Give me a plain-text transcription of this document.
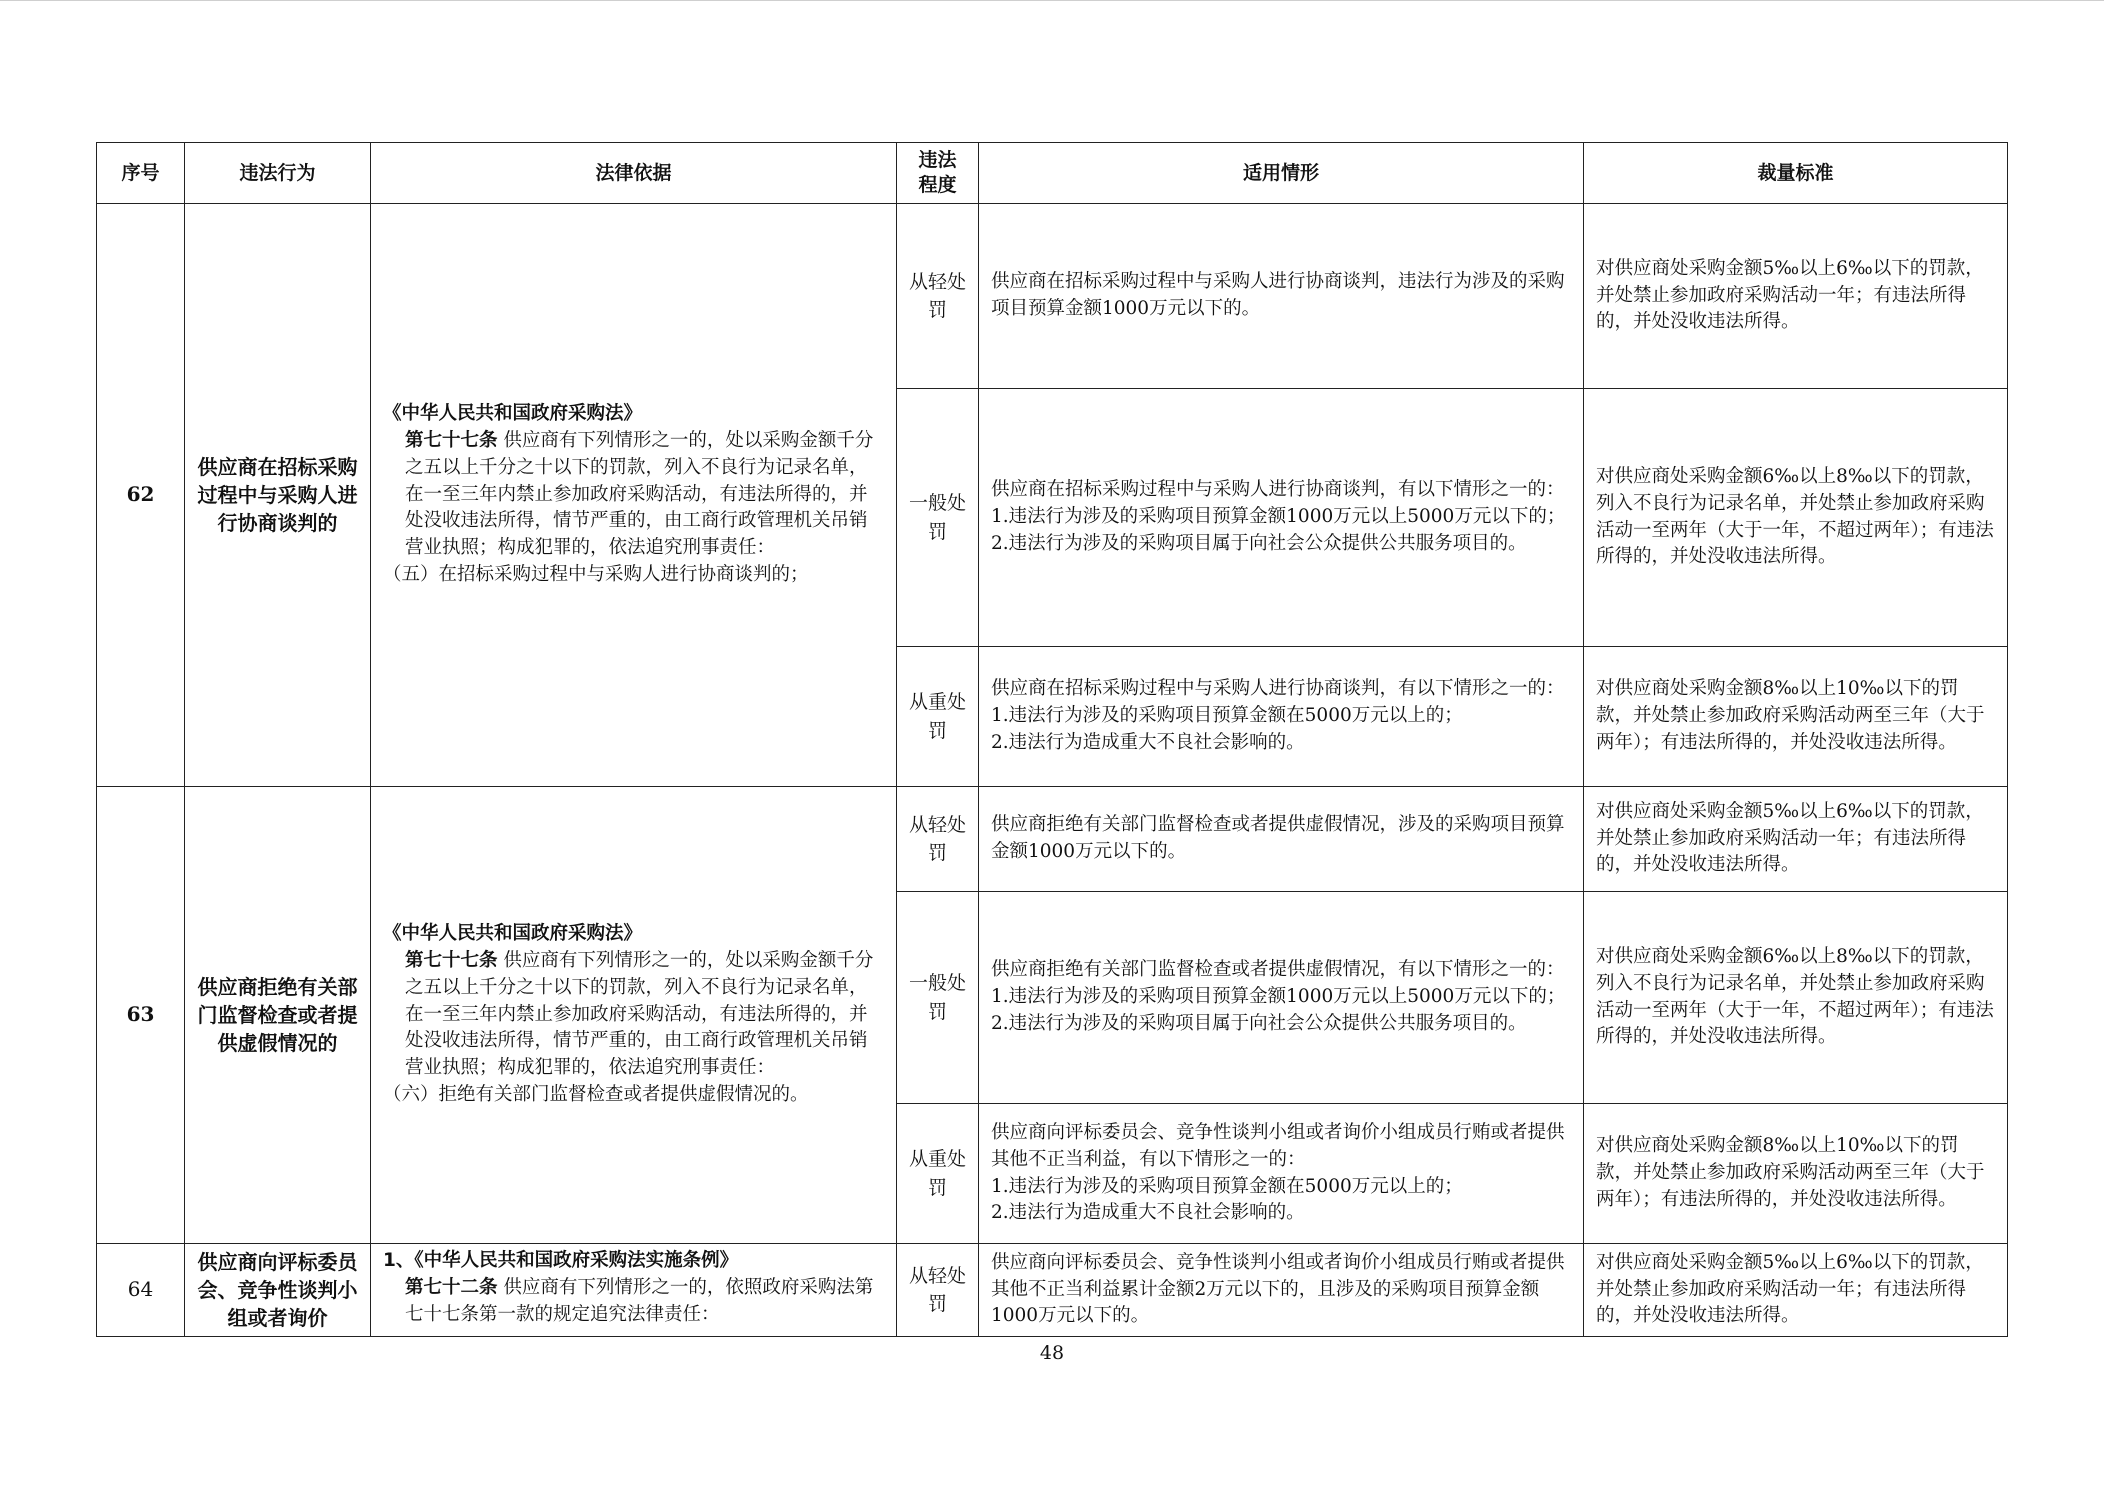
序号	违法行为	法律依据	违法程度	适用情形	裁量标准
62	供应商在招标采购过程中与采购人进行协商谈判的	《中华人民共和国政府采购法》

第七十七条 供应商有下列情形之一的，处以采购金额千分之五以上千分之十以下的罚款，列入不良行为记录名单，在一至三年内禁止参加政府采购活动，有违法所得的，并处没收违法所得，情节严重的，由工商行政管理机关吊销营业执照；构成犯罪的，依法追究刑事责任：

（五）在招标采购过程中与采购人进行协商谈判的；	从轻处罚	供应商在招标采购过程中与采购人进行协商谈判，违法行为涉及的采购项目预算金额1000万元以下的。	对供应商处采购金额5‰以上6‰以下的罚款，并处禁止参加政府采购活动一年；有违法所得的，并处没收违法所得。
			一般处罚	供应商在招标采购过程中与采购人进行协商谈判，有以下情形之一的：
1.违法行为涉及的采购项目预算金额1000万元以上5000万元以下的；
2.违法行为涉及的采购项目属于向社会公众提供公共服务项目的。	对供应商处采购金额6‰以上8‰以下的罚款，列入不良行为记录名单，并处禁止参加政府采购活动一至两年（大于一年，不超过两年）；有违法所得的，并处没收违法所得。
			从重处罚	供应商在招标采购过程中与采购人进行协商谈判，有以下情形之一的：
1.违法行为涉及的采购项目预算金额在5000万元以上的；
2.违法行为造成重大不良社会影响的。	对供应商处采购金额8‰以上10‰以下的罚款，并处禁止参加政府采购活动两至三年（大于两年）；有违法所得的，并处没收违法所得。
63	供应商拒绝有关部门监督检查或者提供虚假情况的	《中华人民共和国政府采购法》

第七十七条 供应商有下列情形之一的，处以采购金额千分之五以上千分之十以下的罚款，列入不良行为记录名单，在一至三年内禁止参加政府采购活动，有违法所得的，并处没收违法所得，情节严重的，由工商行政管理机关吊销营业执照；构成犯罪的，依法追究刑事责任：

（六）拒绝有关部门监督检查或者提供虚假情况的。	从轻处罚	供应商拒绝有关部门监督检查或者提供虚假情况，涉及的采购项目预算金额1000万元以下的。	对供应商处采购金额5‰以上6‰以下的罚款，并处禁止参加政府采购活动一年；有违法所得的，并处没收违法所得。
			一般处罚	供应商拒绝有关部门监督检查或者提供虚假情况，有以下情形之一的：
1.违法行为涉及的采购项目预算金额1000万元以上5000万元以下的；
2.违法行为涉及的采购项目属于向社会公众提供公共服务项目的。	对供应商处采购金额6‰以上8‰以下的罚款，列入不良行为记录名单，并处禁止参加政府采购活动一至两年（大于一年，不超过两年）；有违法所得的，并处没收违法所得。
			从重处罚	供应商向评标委员会、竞争性谈判小组或者询价小组成员行贿或者提供其他不正当利益，有以下情形之一的：
1.违法行为涉及的采购项目预算金额在5000万元以上的；
2.违法行为造成重大不良社会影响的。	对供应商处采购金额8‰以上10‰以下的罚款，并处禁止参加政府采购活动两至三年（大于两年）；有违法所得的，并处没收违法所得。
64	供应商向评标委员会、竞争性谈判小组或者询价	1、《中华人民共和国政府采购法实施条例》

第七十二条 供应商有下列情形之一的，依照政府采购法第七十七条第一款的规定追究法律责任：	从轻处罚	供应商向评标委员会、竞争性谈判小组或者询价小组成员行贿或者提供其他不正当利益累计金额2万元以下的，且涉及的采购项目预算金额1000万元以下的。	对供应商处采购金额5‰以上6‰以下的罚款，并处禁止参加政府采购活动一年；有违法所得的，并处没收违法所得。
48
